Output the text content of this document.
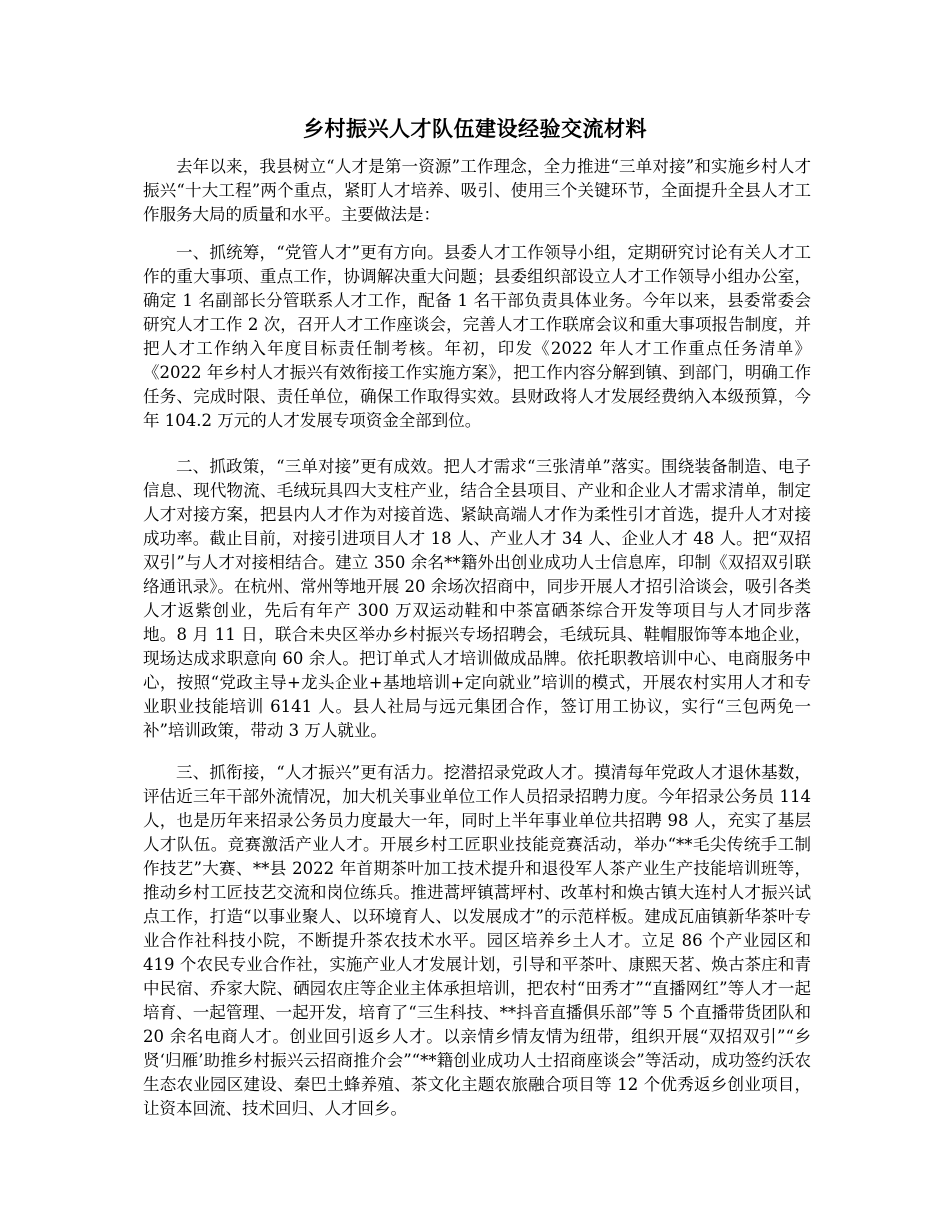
乡村振兴人才队伍建设经验交流材料

去年以来，我县树立“人才是第一资源”工作理念，全力推进“三单对接”和实施乡村人才振兴“十大工程”两个重点，紧盯人才培养、吸引、使用三个关键环节，全面提升全县人才工作服务大局的质量和水平。主要做法是：

一、抓统筹，“党管人才”更有方向。县委人才工作领导小组，定期研究讨论有关人才工作的重大事项、重点工作，协调解决重大问题；县委组织部设立人才工作领导小组办公室，确定 1 名副部长分管联系人才工作，配备 1 名干部负责具体业务。今年以来，县委常委会研究人才工作 2 次，召开人才工作座谈会，完善人才工作联席会议和重大事项报告制度，并把人才工作纳入年度目标责任制考核。年初，印发《2022 年人才工作重点任务清单》《2022 年乡村人才振兴有效衔接工作实施方案》，把工作内容分解到镇、到部门，明确工作任务、完成时限、责任单位，确保工作取得实效。县财政将人才发展经费纳入本级预算，今年 104.2 万元的人才发展专项资金全部到位。

二、抓政策，“三单对接”更有成效。把人才需求“三张清单”落实。围绕装备制造、电子信息、现代物流、毛绒玩具四大支柱产业，结合全县项目、产业和企业人才需求清单，制定人才对接方案，把县内人才作为对接首选、紧缺高端人才作为柔性引才首选，提升人才对接成功率。截止目前，对接引进项目人才 18 人、产业人才 34 人、企业人才 48 人。把“双招双引”与人才对接相结合。建立 350 余名**籍外出创业成功人士信息库，印制《双招双引联络通讯录》。在杭州、常州等地开展 20 余场次招商中，同步开展人才招引洽谈会，吸引各类人才返紫创业，先后有年产 300 万双运动鞋和中茶富硒茶综合开发等项目与人才同步落地。8 月 11 日，联合未央区举办乡村振兴专场招聘会，毛绒玩具、鞋帽服饰等本地企业，现场达成求职意向 60 余人。把订单式人才培训做成品牌。依托职教培训中心、电商服务中心，按照“党政主导+龙头企业+基地培训+定向就业”培训的模式，开展农村实用人才和专业职业技能培训 6141 人。县人社局与远元集团合作，签订用工协议，实行“三包两免一补”培训政策，带动 3 万人就业。

三、抓衔接，“人才振兴”更有活力。挖潜招录党政人才。摸清每年党政人才退休基数，评估近三年干部外流情况，加大机关事业单位工作人员招录招聘力度。今年招录公务员 114 人，也是历年来招录公务员力度最大一年，同时上半年事业单位共招聘 98 人，充实了基层人才队伍。竞赛激活产业人才。开展乡村工匠职业技能竞赛活动，举办“**毛尖传统手工制作技艺”大赛、**县 2022 年首期茶叶加工技术提升和退役军人茶产业生产技能培训班等，推动乡村工匠技艺交流和岗位练兵。推进蒿坪镇蒿坪村、改革村和焕古镇大连村人才振兴试点工作，打造“以事业聚人、以环境育人、以发展成才”的示范样板。建成瓦庙镇新华茶叶专业合作社科技小院，不断提升茶农技术水平。园区培养乡土人才。立足 86 个产业园区和 419 个农民专业合作社，实施产业人才发展计划，引导和平茶叶、康熙天茗、焕古茶庄和青中民宿、乔家大院、硒园农庄等企业主体承担培训，把农村“田秀才”“直播网红”等人才一起培育、一起管理、一起开发，培育了“三生科技、**抖音直播俱乐部”等 5 个直播带货团队和 20 余名电商人才。创业回引返乡人才。以亲情乡情友情为纽带，组织开展“双招双引”“乡贤‘归雁’助推乡村振兴云招商推介会”“**籍创业成功人士招商座谈会”等活动，成功签约沃农生态农业园区建设、秦巴土蜂养殖、茶文化主题农旅融合项目等 12 个优秀返乡创业项目，让资本回流、技术回归、人才回乡。
